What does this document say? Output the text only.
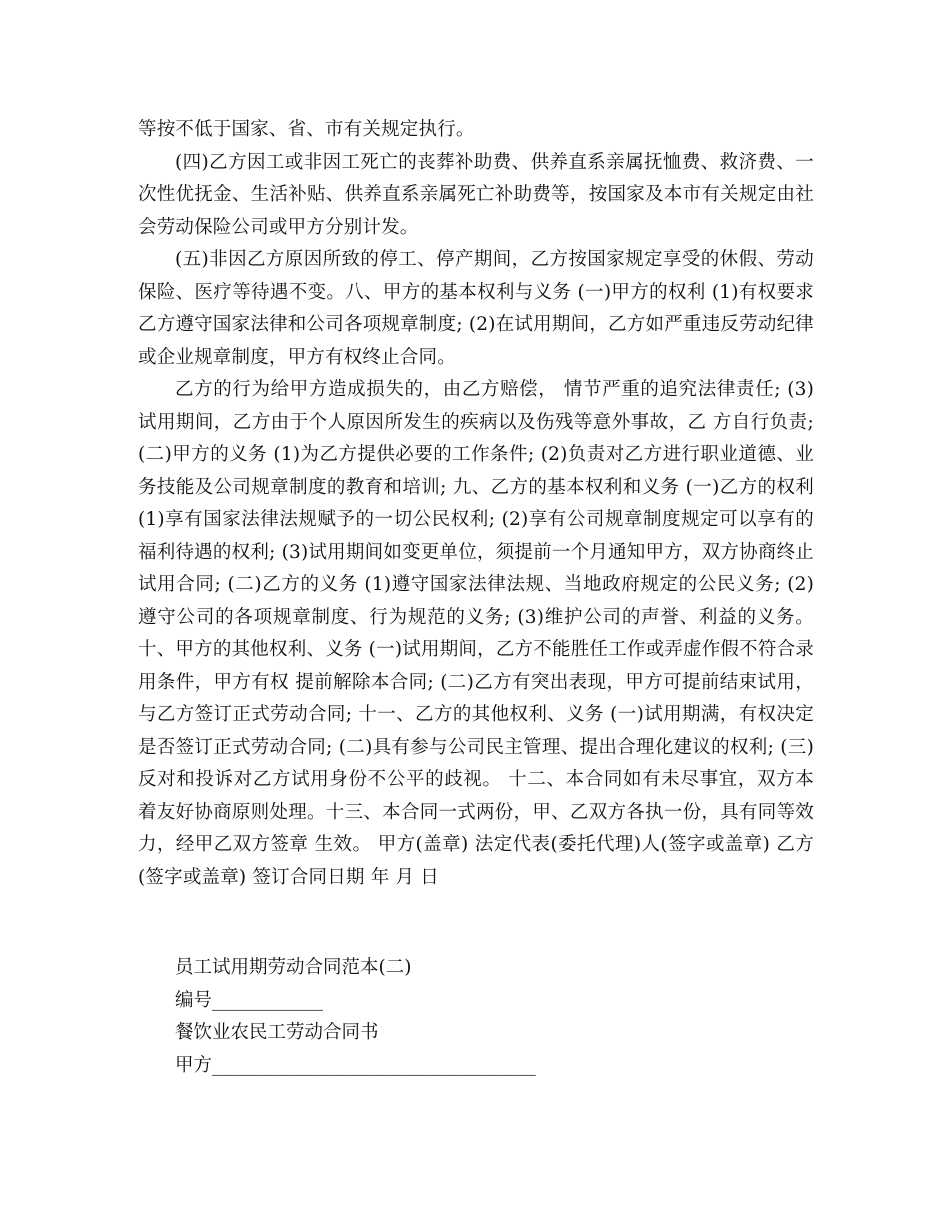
等按不低于国家、省、市有关规定执行。

(四)乙方因工或非因工死亡的丧葬补助费、供养直系亲属抚恤费、救济费、一次性优抚金、生活补贴、供养直系亲属死亡补助费等，按国家及本市有关规定由社会劳动保险公司或甲方分别计发。

(五)非因乙方原因所致的停工、停产期间，乙方按国家规定享受的休假、劳动保险、医疗等待遇不变。八、甲方的基本权利与义务 (一)甲方的权利 (1)有权要求乙方遵守国家法律和公司各项规章制度; (2)在试用期间，乙方如严重违反劳动纪律或企业规章制度，甲方有权终止合同。

乙方的行为给甲方造成损失的，由乙方赔偿， 情节严重的追究法律责任; (3)试用期间，乙方由于个人原因所发生的疾病以及伤残等意外事故，乙 方自行负责; (二)甲方的义务 (1)为乙方提供必要的工作条件; (2)负责对乙方进行职业道德、业务技能及公司规章制度的教育和培训; 九、乙方的基本权利和义务 (一)乙方的权利 (1)享有国家法律法规赋予的一切公民权利; (2)享有公司规章制度规定可以享有的福利待遇的权利; (3)试用期间如变更单位，须提前一个月通知甲方，双方协商终止试用合同; (二)乙方的义务 (1)遵守国家法律法规、当地政府规定的公民义务; (2)遵守公司的各项规章制度、行为规范的义务; (3)维护公司的声誉、利益的义务。 十、甲方的其他权利、义务 (一)试用期间，乙方不能胜任工作或弄虚作假不符合录用条件，甲方有权 提前解除本合同; (二)乙方有突出表现，甲方可提前结束试用，与乙方签订正式劳动合同; 十一、乙方的其他权利、义务 (一)试用期满，有权决定是否签订正式劳动合同; (二)具有参与公司民主管理、提出合理化建议的权利; (三)反对和投诉对乙方试用身份不公平的歧视。 十二、本合同如有未尽事宜，双方本着友好协商原则处理。十三、本合同一式两份，甲、乙双方各执一份，具有同等效力，经甲乙双方签章 生效。 甲方(盖章) 法定代表(委托代理)人(签字或盖章) 乙方(签字或盖章) 签订合同日期 年 月 日

员工试用期劳动合同范本(二)

编号____________

餐饮业农民工劳动合同书

甲方___________________________________
